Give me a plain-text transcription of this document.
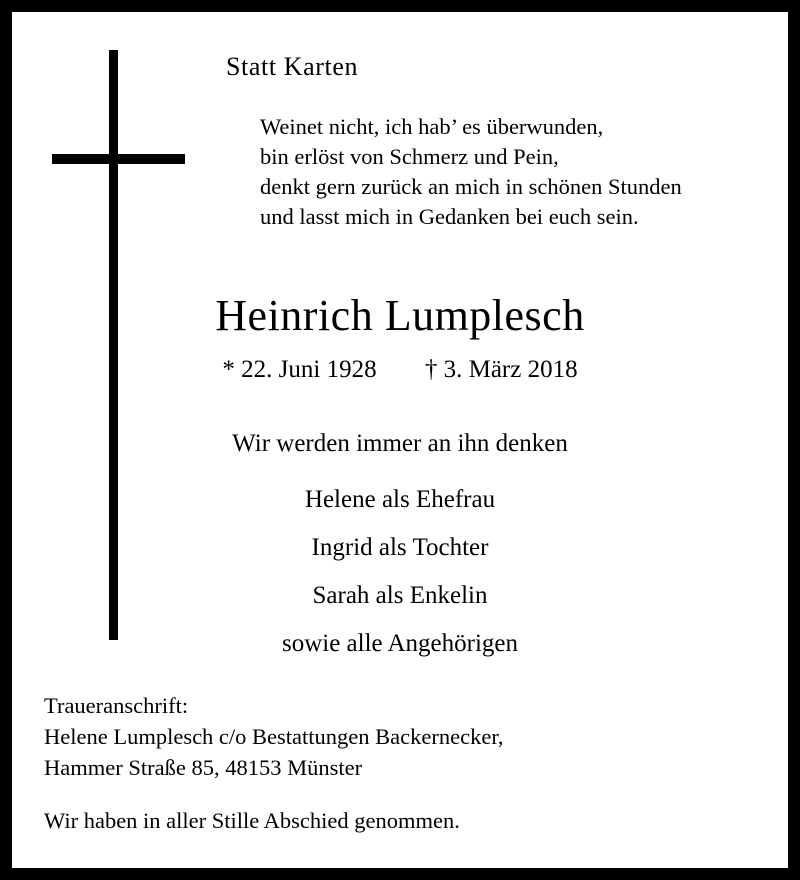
Statt Karten
Weinet nicht, ich hab’ es überwunden,
bin erlöst von Schmerz und Pein,
denkt gern zurück an mich in schönen Stunden
und lasst mich in Gedanken bei euch sein.
Heinrich Lumplesch
* 22. Juni 1928 † 3. März 2018
Wir werden immer an ihn denken
Helene als Ehefrau
Ingrid als Tochter
Sarah als Enkelin
sowie alle Angehörigen
Traueranschrift:
Helene Lumplesch c/o Bestattungen Backernecker,
Hammer Straße 85, 48153 Münster
Wir haben in aller Stille Abschied genommen.
